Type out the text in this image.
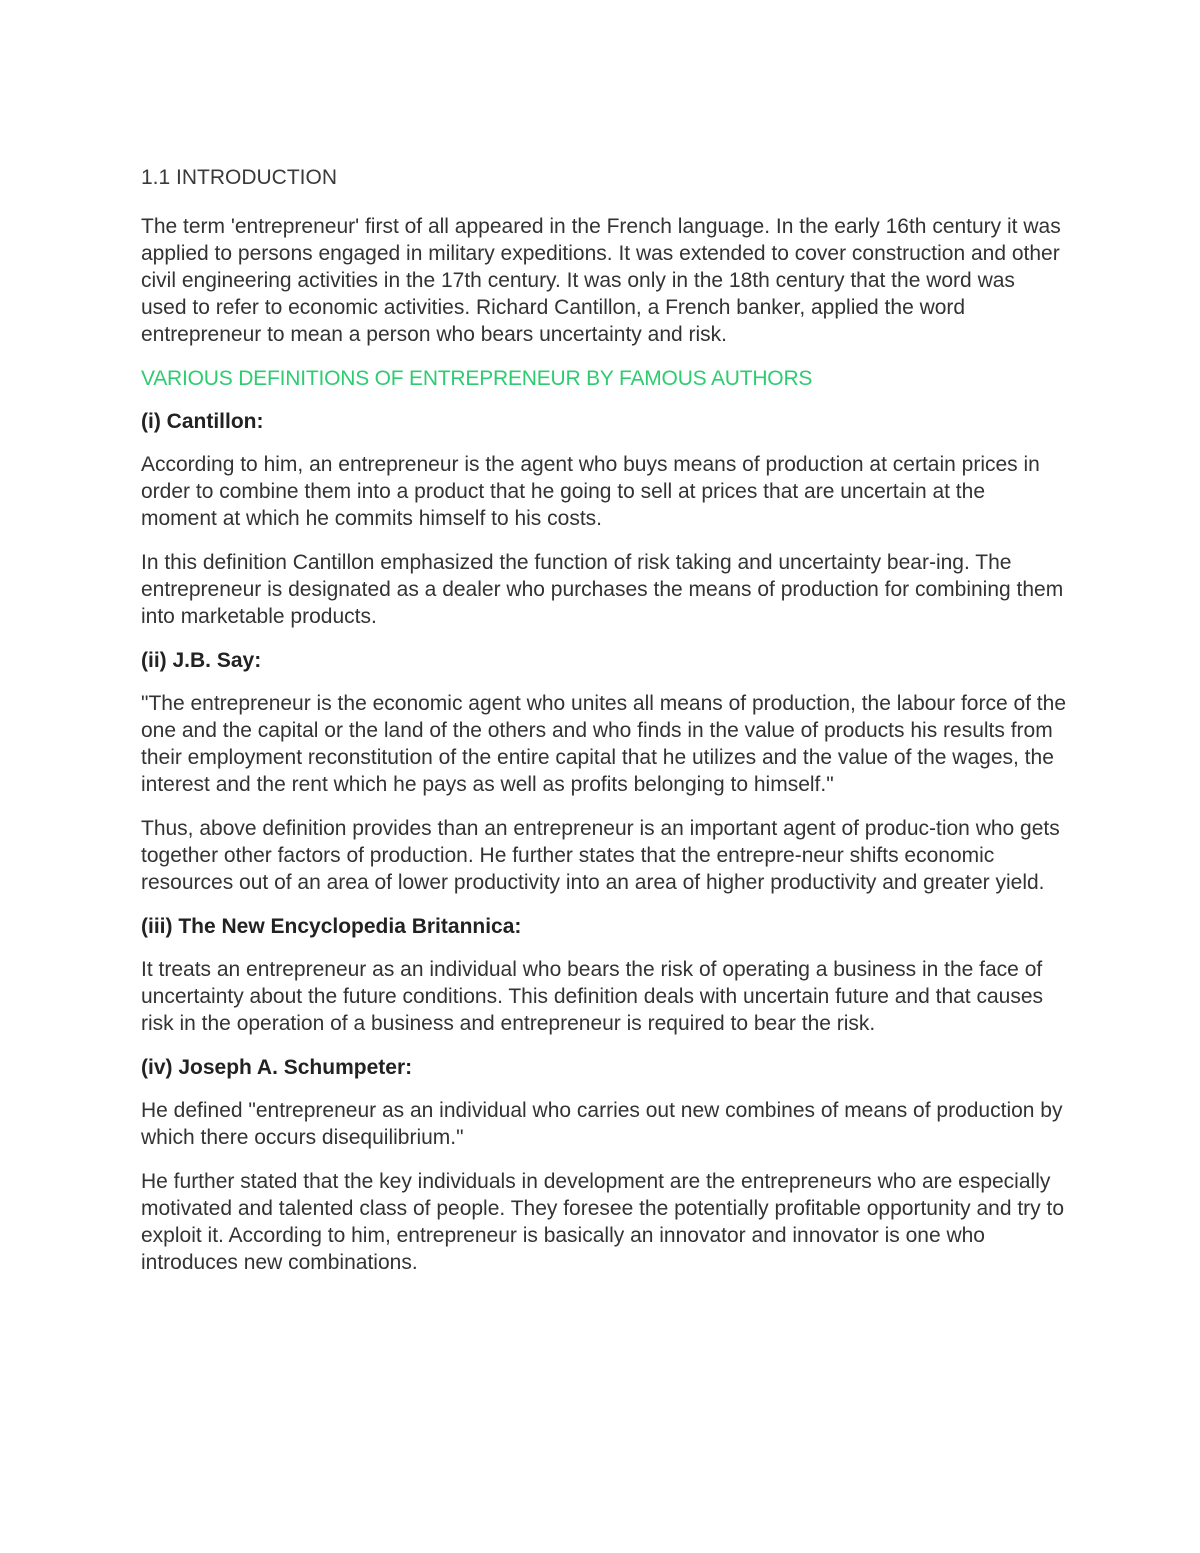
1.1 INTRODUCTION

The term 'entrepreneur' first of all appeared in the French language. In the early 16th century it was applied to persons engaged in military expeditions. It was extended to cover construction and other civil engineering activities in the 17th century. It was only in the 18th century that the word was used to refer to economic activities. Richard Cantillon, a French banker, applied the word entrepreneur to mean a person who bears uncertainty and risk.

VARIOUS DEFINITIONS OF ENTREPRENEUR BY FAMOUS AUTHORS
(i) Cantillon:

According to him, an entrepreneur is the agent who buys means of production at certain prices in order to combine them into a product that he going to sell at prices that are uncertain at the moment at which he commits himself to his costs.

In this definition Cantillon emphasized the function of risk taking and uncertainty bear-ing. The entrepreneur is designated as a dealer who purchases the means of production for combining them into marketable products.

(ii) J.B. Say:

"The entrepreneur is the economic agent who unites all means of production, the labour force of the one and the capital or the land of the others and who finds in the value of products his results from their employment reconstitution of the entire capital that he utilizes and the value of the wages, the interest and the rent which he pays as well as profits belonging to himself."

Thus, above definition provides than an entrepreneur is an important agent of produc-tion who gets together other factors of production. He further states that the entrepre-neur shifts economic resources out of an area of lower productivity into an area of higher productivity and greater yield.

(iii) The New Encyclopedia Britannica:

It treats an entrepreneur as an individual who bears the risk of operating a business in the face of uncertainty about the future conditions. This definition deals with uncertain future and that causes risk in the operation of a business and entrepreneur is required to bear the risk.

(iv) Joseph A. Schumpeter:

He defined "entrepreneur as an individual who carries out new combines of means of production by which there occurs disequilibrium."

He further stated that the key individuals in development are the entrepreneurs who are especially motivated and talented class of people. They foresee the potentially profitable opportunity and try to exploit it. According to him, entrepreneur is basically an innovator and innovator is one who introduces new combinations.
